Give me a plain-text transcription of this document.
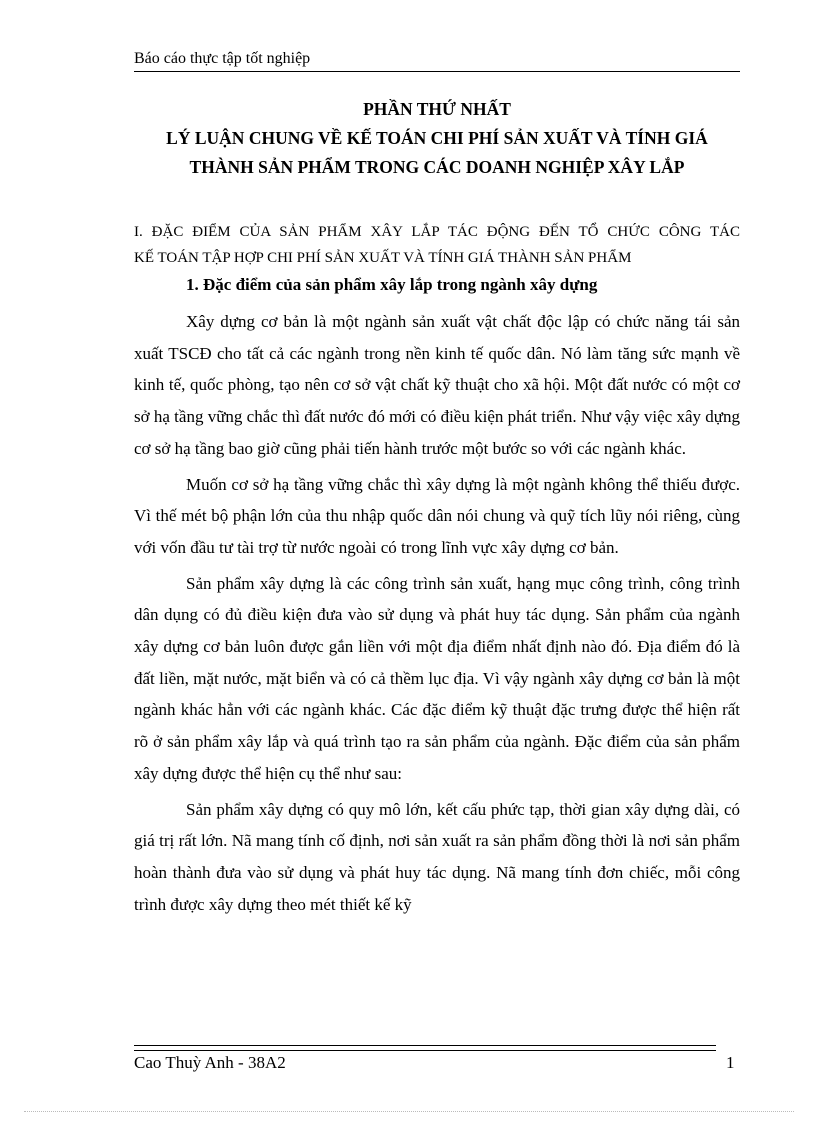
Báo cáo thực tập tốt nghiệp
PHẦN THỨ NHẤT
LÝ LUẬN CHUNG VỀ KẾ TOÁN CHI PHÍ SẢN XUẤT VÀ TÍNH GIÁ
THÀNH SẢN PHẨM TRONG CÁC DOANH NGHIỆP XÂY LẮP
I. ĐẶC ĐIỂM CỦA SẢN PHẨM XÂY LẮP TÁC ĐỘNG ĐẾN TỔ CHỨC CÔNG TÁC
KẾ TOÁN TẬP HỢP CHI PHÍ SẢN XUẤT VÀ TÍNH GIÁ THÀNH SẢN PHẨM
1. Đặc điểm của sản phẩm xây lắp trong ngành xây dựng

Xây dựng cơ bản là một ngành sản xuất vật chất độc lập có chức năng tái sản xuất TSCĐ cho tất cả các ngành trong nền kinh tế quốc dân. Nó làm tăng sức mạnh về kinh tế, quốc phòng, tạo nên cơ sở vật chất kỹ thuật cho xã hội. Một đất nước có một cơ sở hạ tầng vững chắc thì đất nước đó mới có điều kiện phát triển. Như vậy việc xây dựng cơ sở hạ tầng bao giờ cũng phải tiến hành trước một bước so với các ngành khác.

Muốn cơ sở hạ tầng vững chắc thì xây dựng là một ngành không thể thiếu được. Vì thế mét bộ phận lớn của thu nhập quốc dân nói chung và quỹ tích lũy nói riêng, cùng với vốn đầu tư tài trợ từ nước ngoài có trong lĩnh vực xây dựng cơ bản.

Sản phẩm xây dựng là các công trình sản xuất, hạng mục công trình, công trình dân dụng có đủ điều kiện đưa vào sử dụng và phát huy tác dụng. Sản phẩm của ngành xây dựng cơ bản luôn được gắn liền với một địa điểm nhất định nào đó. Địa điểm đó là đất liền, mặt nước, mặt biển và có cả thềm lục địa. Vì vậy ngành xây dựng cơ bản là một ngành khác hẳn với các ngành khác. Các đặc điểm kỹ thuật đặc trưng được thể hiện rất rõ ở sản phẩm xây lắp và quá trình tạo ra sản phẩm của ngành. Đặc điểm của sản phẩm xây dựng được thể hiện cụ thể như sau:

Sản phẩm xây dựng có quy mô lớn, kết cấu phức tạp, thời gian xây dựng dài, có giá trị rất lớn. Nã mang tính cố định, nơi sản xuất ra sản phẩm đồng thời là nơi sản phẩm hoàn thành đưa vào sử dụng và phát huy tác dụng. Nã mang tính đơn chiếc, mỗi công trình được xây dựng theo mét thiết kế kỹ

Cao Thuỳ Anh - 38A2	1
